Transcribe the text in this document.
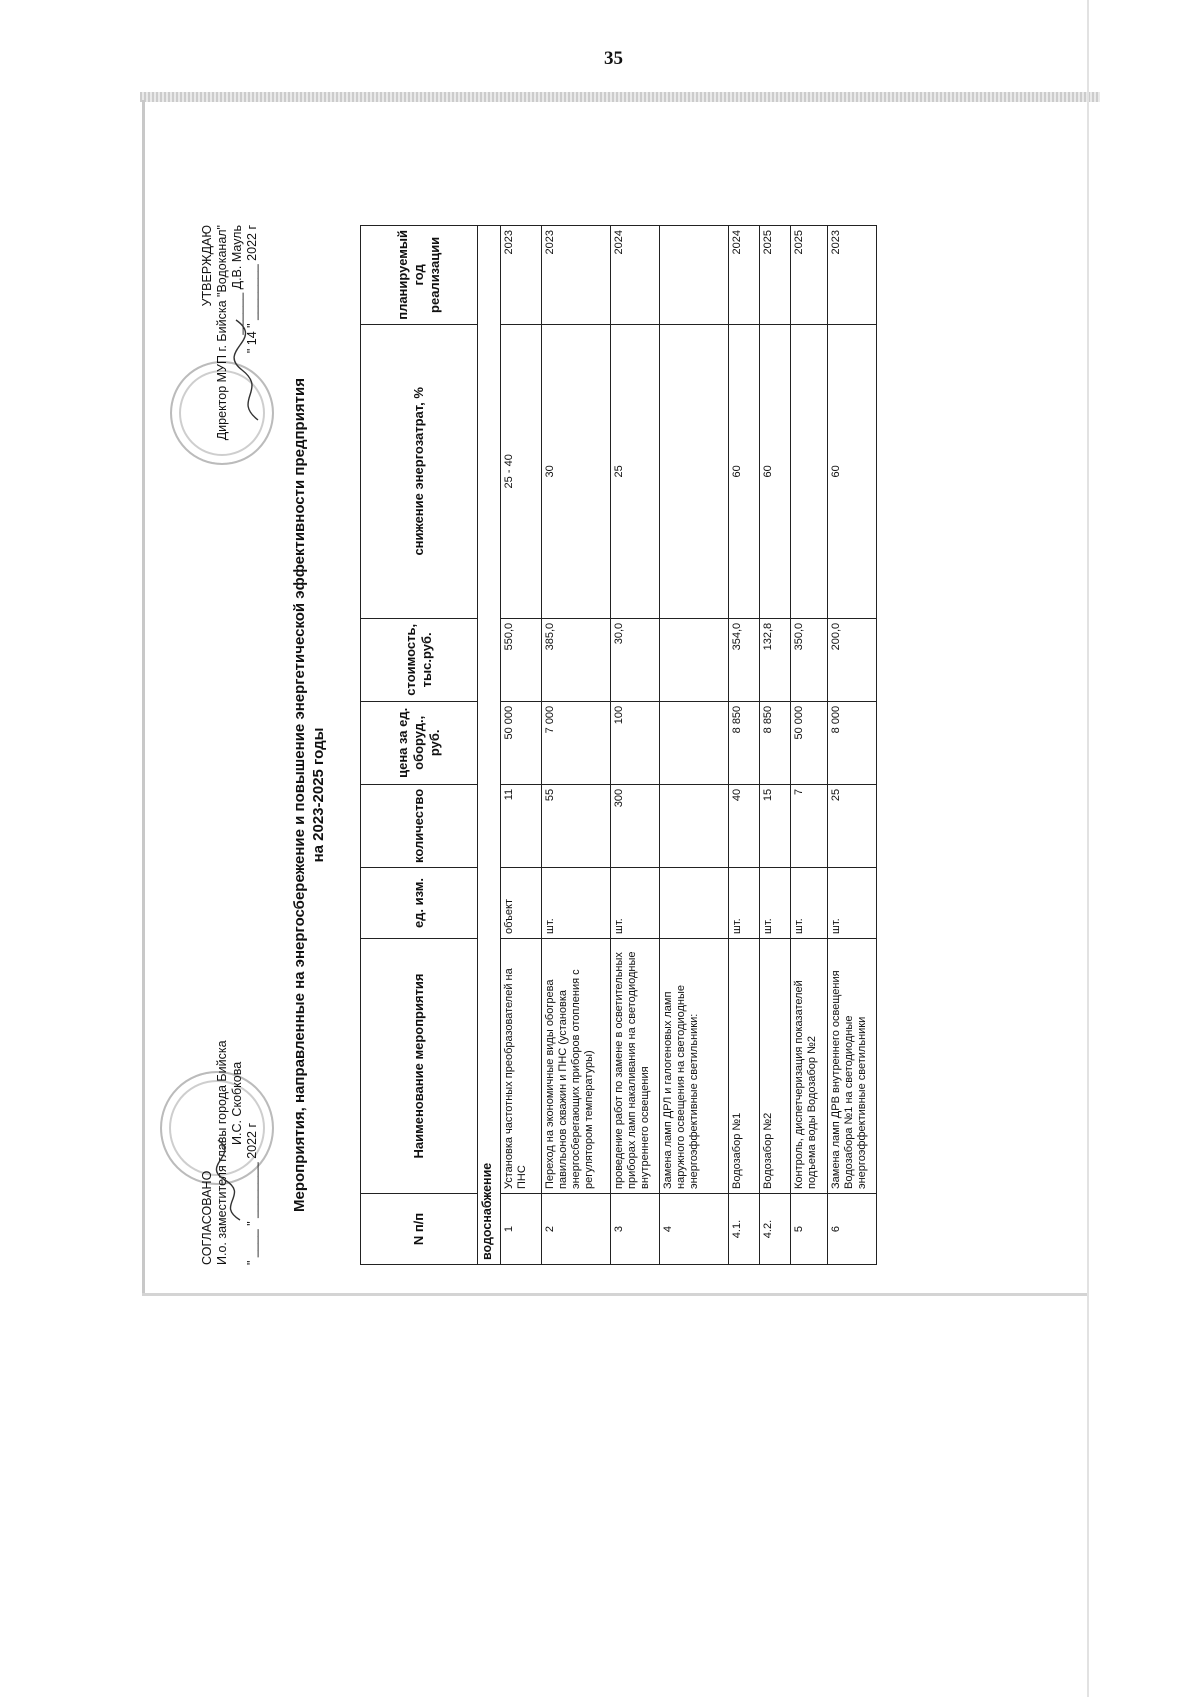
35
СОГЛАСОВАНО И.о. заместителя главы города Бийска И.С. Скобкова
" ____ " ________ 2022 г
УТВЕРЖДАЮ Директор МУП г. Бийска "Водоканал" ______ Д.В. Мауль " 14 " ________ 2022 г
Мероприятия, направленные на энергосбережение и повышение энергетической эффективности предприятия на 2023-2025 годы
N п/п	Наименование мероприятия	ед. изм.	количество	цена за ед. оборуд., руб.	стоимость, тыс.руб.	снижение энергозатрат, %	планируемый год реализации
водоснабжение							
1	Установка частотных преобразователей на ПНС	объект	11	50 000	550,0	25 - 40	2023
2	Переход на экономичные виды обогрева павильонов скважин и ПНС (установка энергосберегающих приборов отопления с регулятором температуры)	шт.	55	7 000	385,0	30	2023
3	проведение работ по замене в осветительных приборах ламп накаливания на светодиодные внутреннего освещения	шт.	300	100	30,0	25	2024
4	Замена ламп ДРЛ и галогеновых ламп наружного освещения на светодиодные энергоэффективные светильники:						
4.1.	Водозабор №1	шт.	40	8 850	354,0	60	2024
4.2.	Водозабор №2	шт.	15	8 850	132,8	60	2025
5	Контроль, диспетчеризация показателей подъема воды Водозабор №2	шт.	7	50 000	350,0		2025
6	Замена ламп ДРВ внутреннего освещения Водозабора №1 на светодиодные энергоэффективные светильники	шт.	25	8 000	200,0	60	2023
